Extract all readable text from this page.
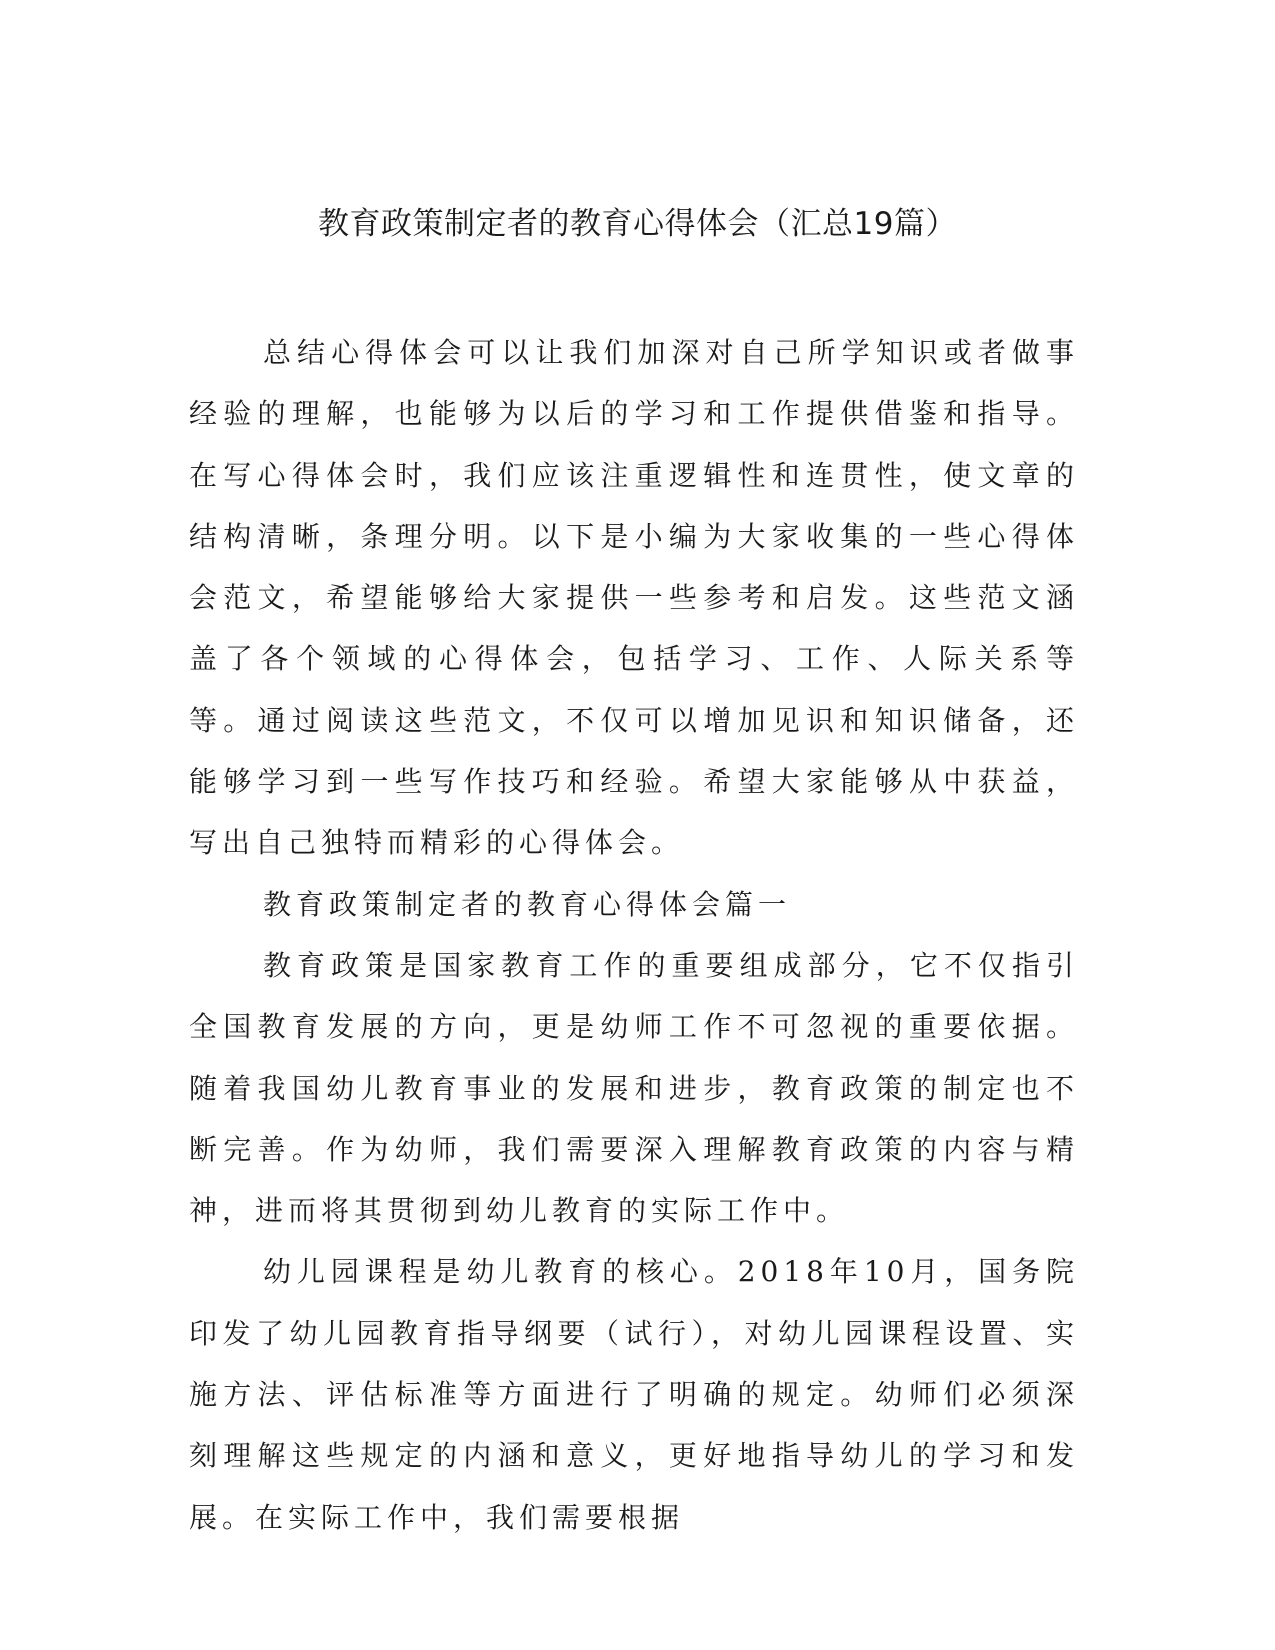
教育政策制定者的教育心得体会（汇总19篇）

总结心得体会可以让我们加深对自己所学知识或者做事经验的理解，也能够为以后的学习和工作提供借鉴和指导。在写心得体会时，我们应该注重逻辑性和连贯性，使文章的结构清晰，条理分明。以下是小编为大家收集的一些心得体会范文，希望能够给大家提供一些参考和启发。这些范文涵盖了各个领域的心得体会，包括学习、工作、人际关系等等。通过阅读这些范文，不仅可以增加见识和知识储备，还能够学习到一些写作技巧和经验。希望大家能够从中获益，写出自己独特而精彩的心得体会。

教育政策制定者的教育心得体会篇一

教育政策是国家教育工作的重要组成部分，它不仅指引全国教育发展的方向，更是幼师工作不可忽视的重要依据。随着我国幼儿教育事业的发展和进步，教育政策的制定也不断完善。作为幼师，我们需要深入理解教育政策的内容与精神，进而将其贯彻到幼儿教育的实际工作中。

幼儿园课程是幼儿教育的核心。2018年10月，国务院印发了幼儿园教育指导纲要（试行），对幼儿园课程设置、实施方法、评估标准等方面进行了明确的规定。幼师们必须深刻理解这些规定的内涵和意义，更好地指导幼儿的学习和发展。在实际工作中，我们需要根据
